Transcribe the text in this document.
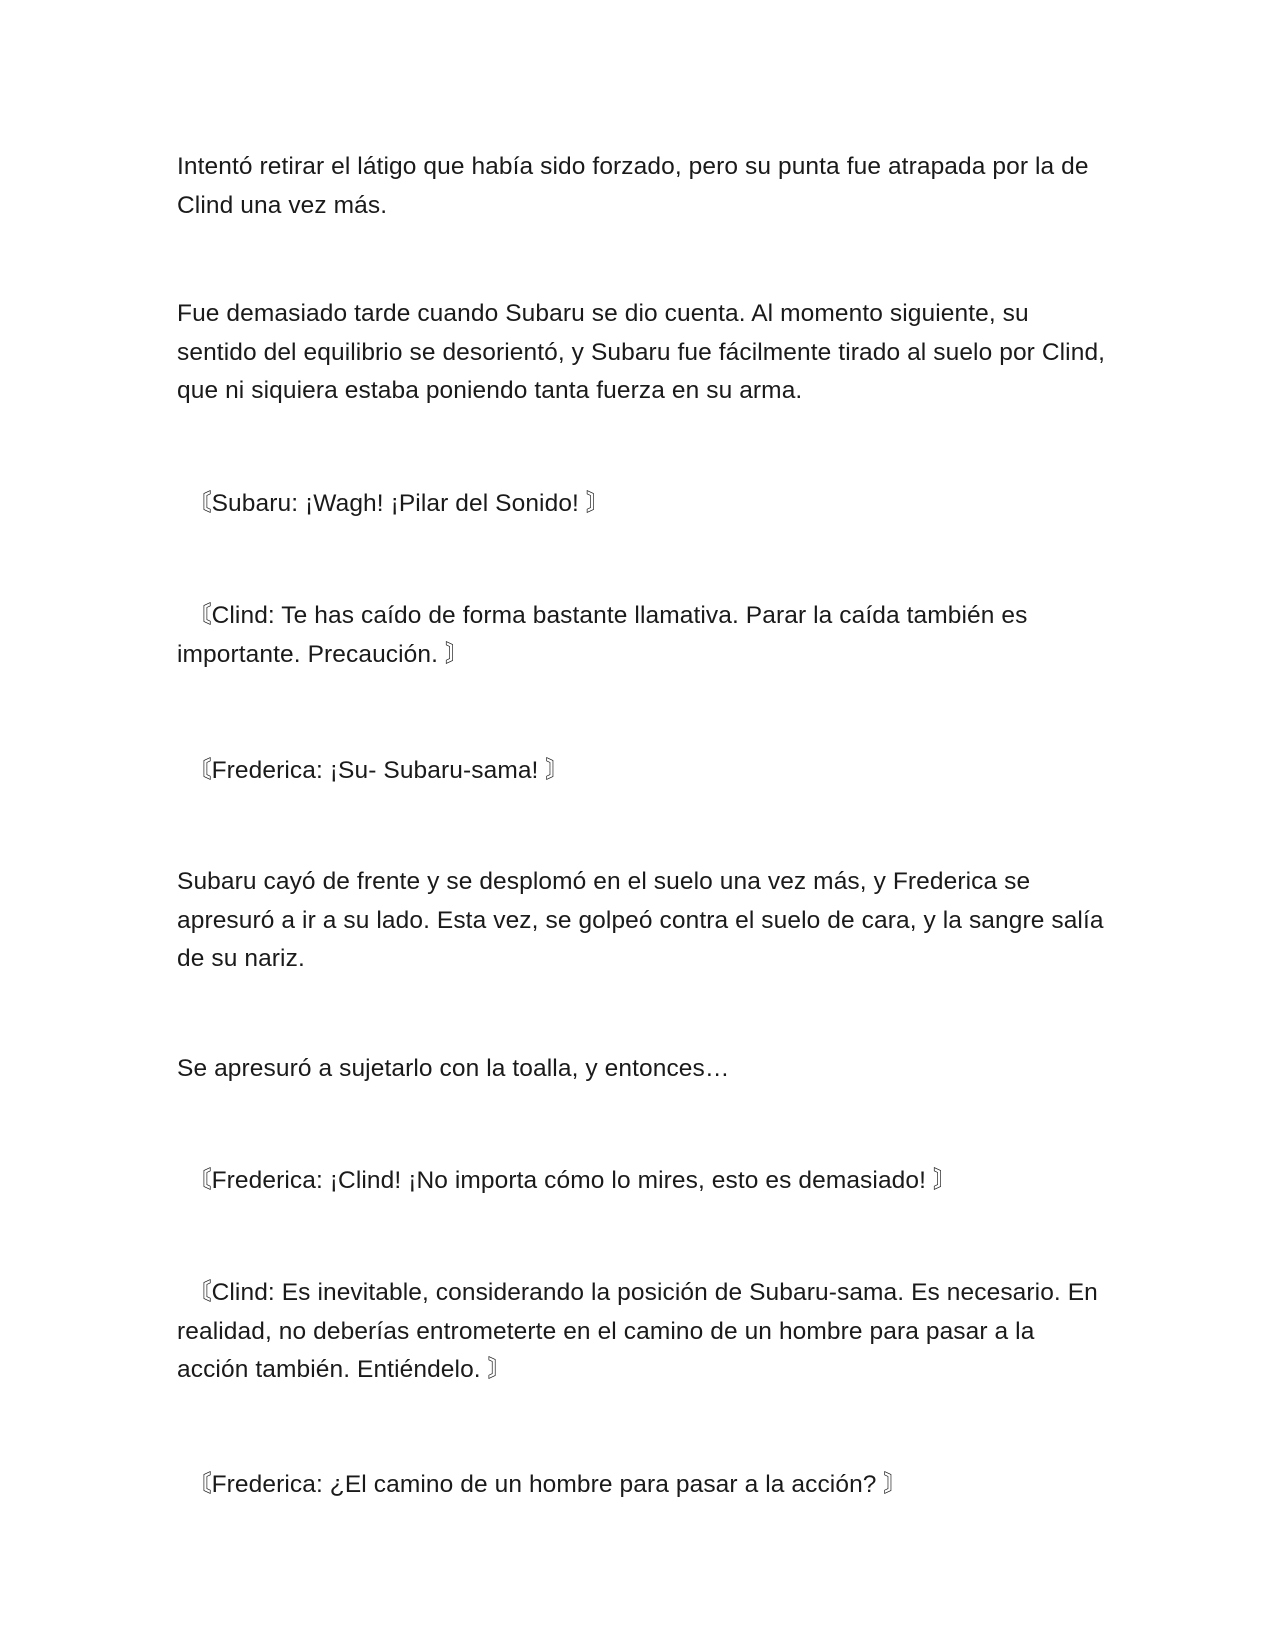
Intentó retirar el látigo que había sido forzado, pero su punta fue atrapada por la de Clind una vez más.

Fue demasiado tarde cuando Subaru se dio cuenta. Al momento siguiente, su sentido del equilibrio se desorientó, y Subaru fue fácilmente tirado al suelo por Clind, que ni siquiera estaba poniendo tanta fuerza en su arma.

〘Subaru: ¡Wagh! ¡Pilar del Sonido! 〙

〘Clind: Te has caído de forma bastante llamativa. Parar la caída también es importante. Precaución. 〙

〘Frederica: ¡Su- Subaru-sama! 〙

Subaru cayó de frente y se desplomó en el suelo una vez más, y Frederica se apresuró a ir a su lado. Esta vez, se golpeó contra el suelo de cara, y la sangre salía de su nariz.

Se apresuró a sujetarlo con la toalla, y entonces…

〘Frederica: ¡Clind! ¡No importa cómo lo mires, esto es demasiado! 〙

〘Clind: Es inevitable, considerando la posición de Subaru-sama. Es necesario. En realidad, no deberías entrometerte en el camino de un hombre para pasar a la acción también. Entiéndelo. 〙

〘Frederica: ¿El camino de un hombre para pasar a la acción? 〙
